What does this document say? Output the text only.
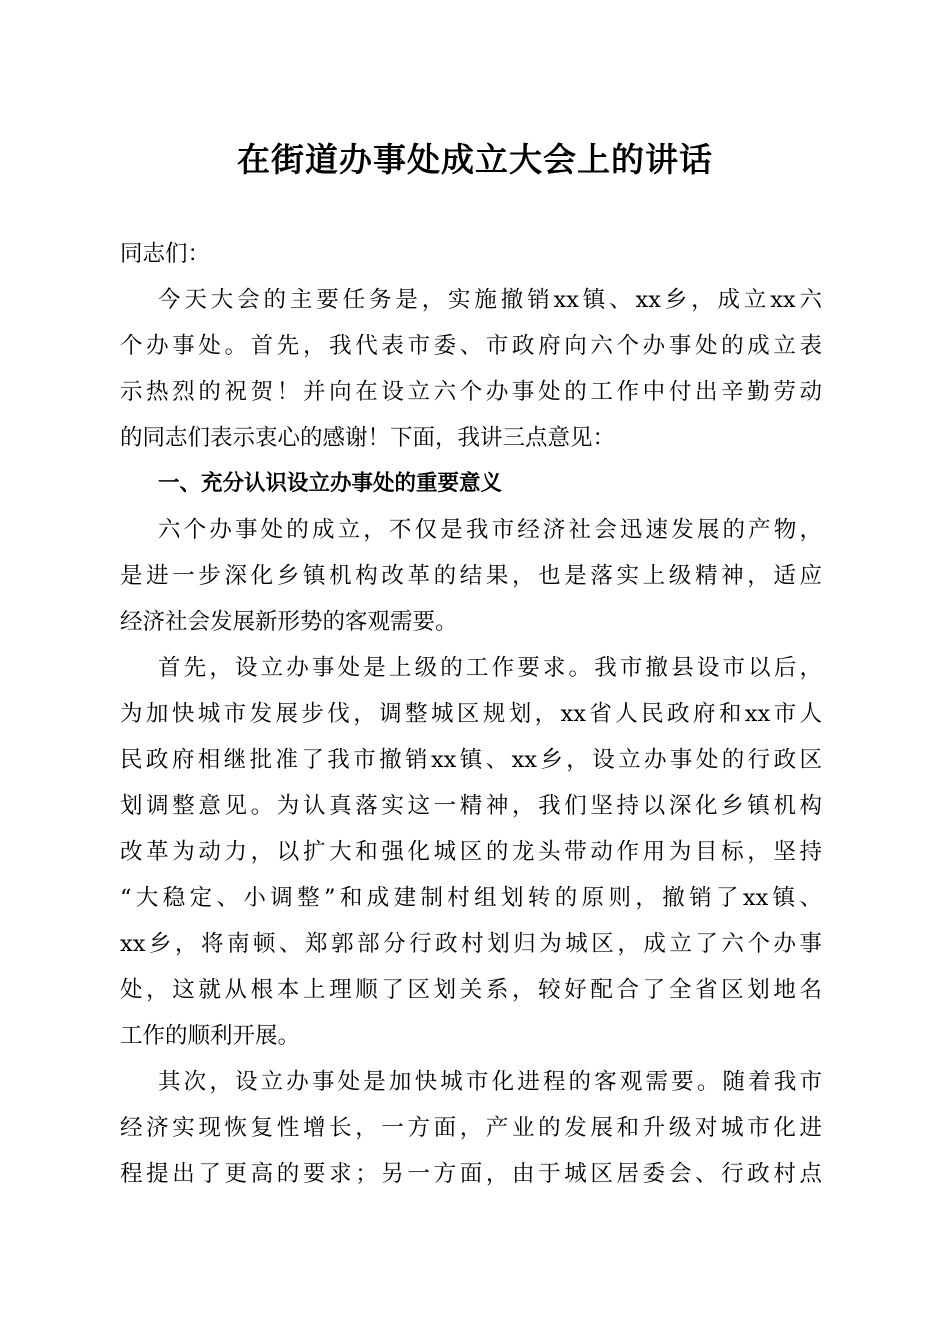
在街道办事处成立大会上的讲话
同志们：
今天大会的主要任务是，实施撤销xx镇、xx乡，成立xx六
个办事处。首先，我代表市委、市政府向六个办事处的成立表
示热烈的祝贺！并向在设立六个办事处的工作中付出辛勤劳动
的同志们表示衷心的感谢！下面，我讲三点意见：
一、充分认识设立办事处的重要意义
六个办事处的成立，不仅是我市经济社会迅速发展的产物，
是进一步深化乡镇机构改革的结果，也是落实上级精神，适应
经济社会发展新形势的客观需要。
首先，设立办事处是上级的工作要求。我市撤县设市以后，
为加快城市发展步伐，调整城区规划，xx省人民政府和xx市人
民政府相继批准了我市撤销xx镇、xx乡，设立办事处的行政区
划调整意见。为认真落实这一精神，我们坚持以深化乡镇机构
改革为动力，以扩大和强化城区的龙头带动作用为目标，坚持
“大稳定、小调整”和成建制村组划转的原则，撤销了xx镇、
xx乡，将南顿、郑郭部分行政村划归为城区，成立了六个办事
处，这就从根本上理顺了区划关系，较好配合了全省区划地名
工作的顺利开展。
其次，设立办事处是加快城市化进程的客观需要。随着我市
经济实现恢复性增长，一方面，产业的发展和升级对城市化进
程提出了更高的要求；另一方面，由于城区居委会、行政村点
